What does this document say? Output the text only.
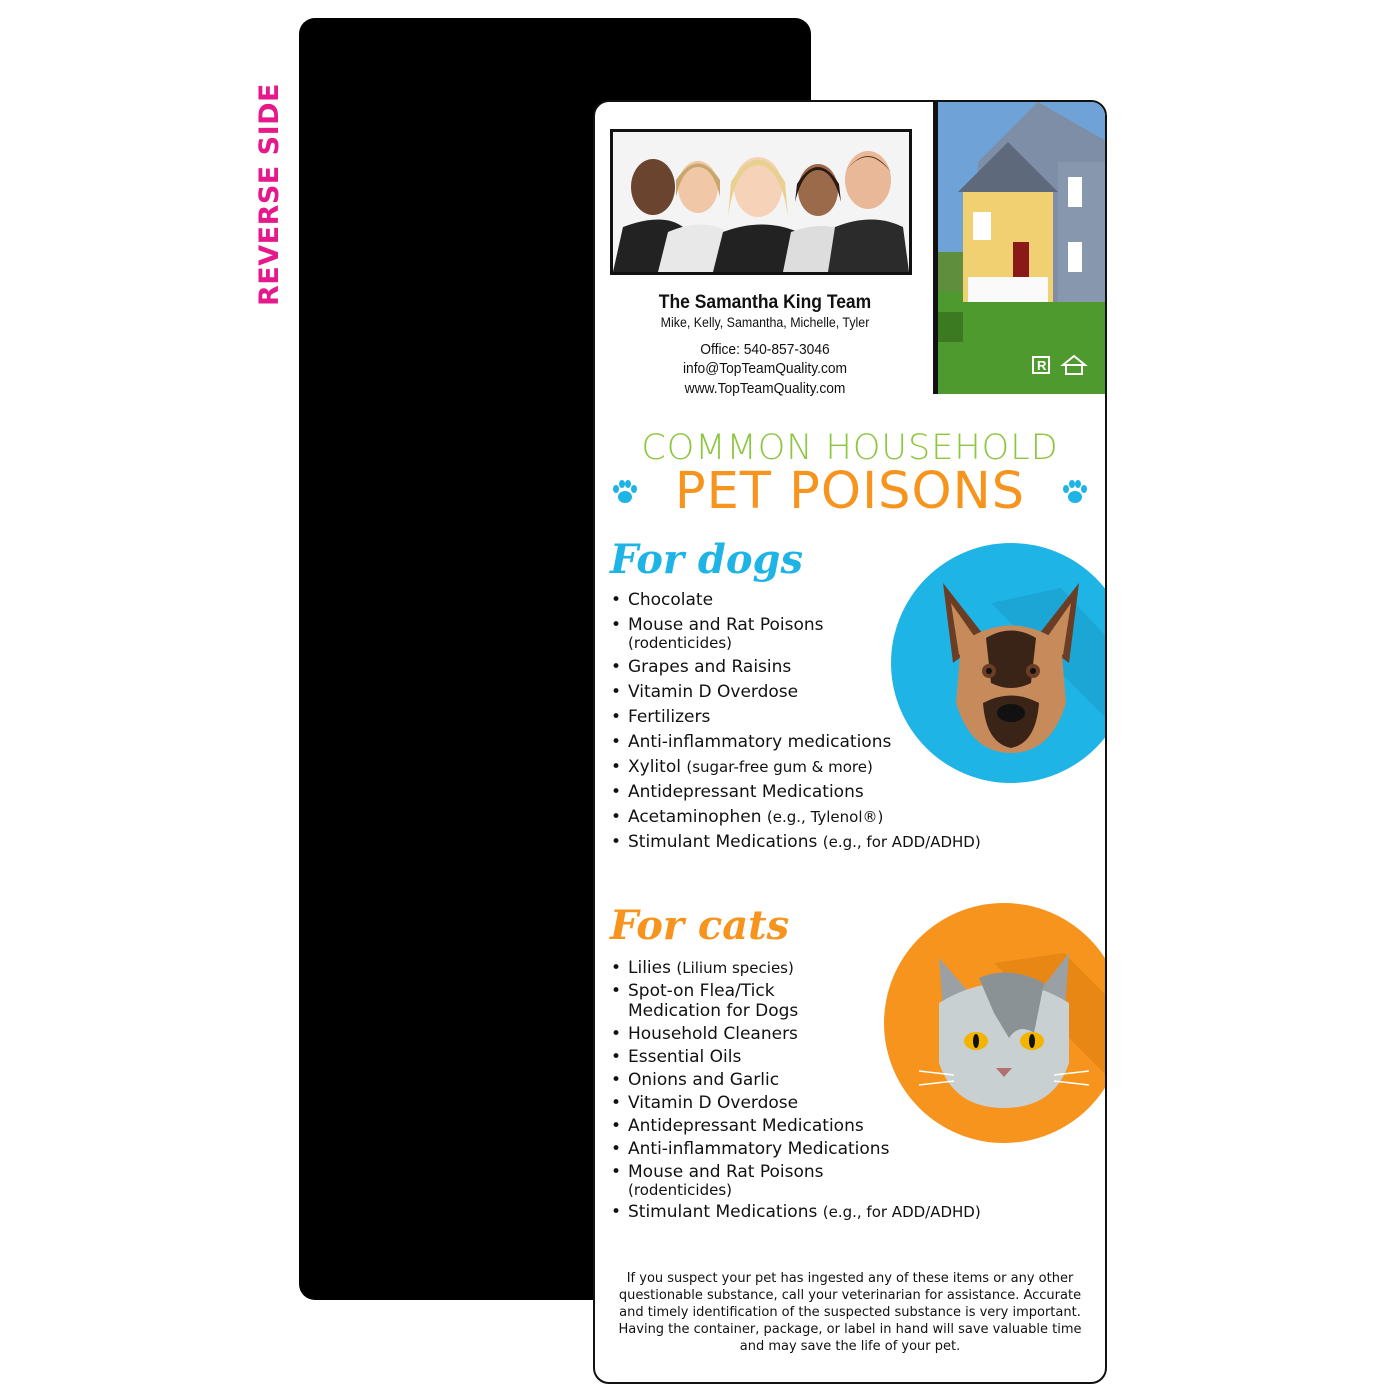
REVERSE SIDE	The Samantha King Team
Mike, Kelly, Samantha, Michelle, Tyler
Office: 540-857-3046
info@TopTeamQuality.com
www.TopTeamQuality.com
R
COMMON HOUSEHOLD
PET POISONS
For dogs
• Chocolate
• Mouse and Rat Poisons
(rodenticides)
• Grapes and Raisins
• Vitamin D Overdose
• Fertilizers
• Anti-inflammatory medications
• Xylitol (sugar-free gum & more)
• Antidepressant Medications
• Acetaminophen (e.g., Tylenol®)
• Stimulant Medications (e.g., for ADD/ADHD)
For cats
• Lilies (Lilium species)
• Spot-on Flea/Tick
Medication for Dogs
• Household Cleaners
• Essential Oils
• Onions and Garlic
• Vitamin D Overdose
• Antidepressant Medications
• Anti-inflammatory Medications
• Mouse and Rat Poisons
(rodenticides)
• Stimulant Medications (e.g., for ADD/ADHD)
If you suspect your pet has ingested any of these items or any other questionable substance, call your veterinarian for assistance. Accurate and timely identification of the suspected substance is very important. Having the container, package, or label in hand will save valuable time and may save the life of your pet.
